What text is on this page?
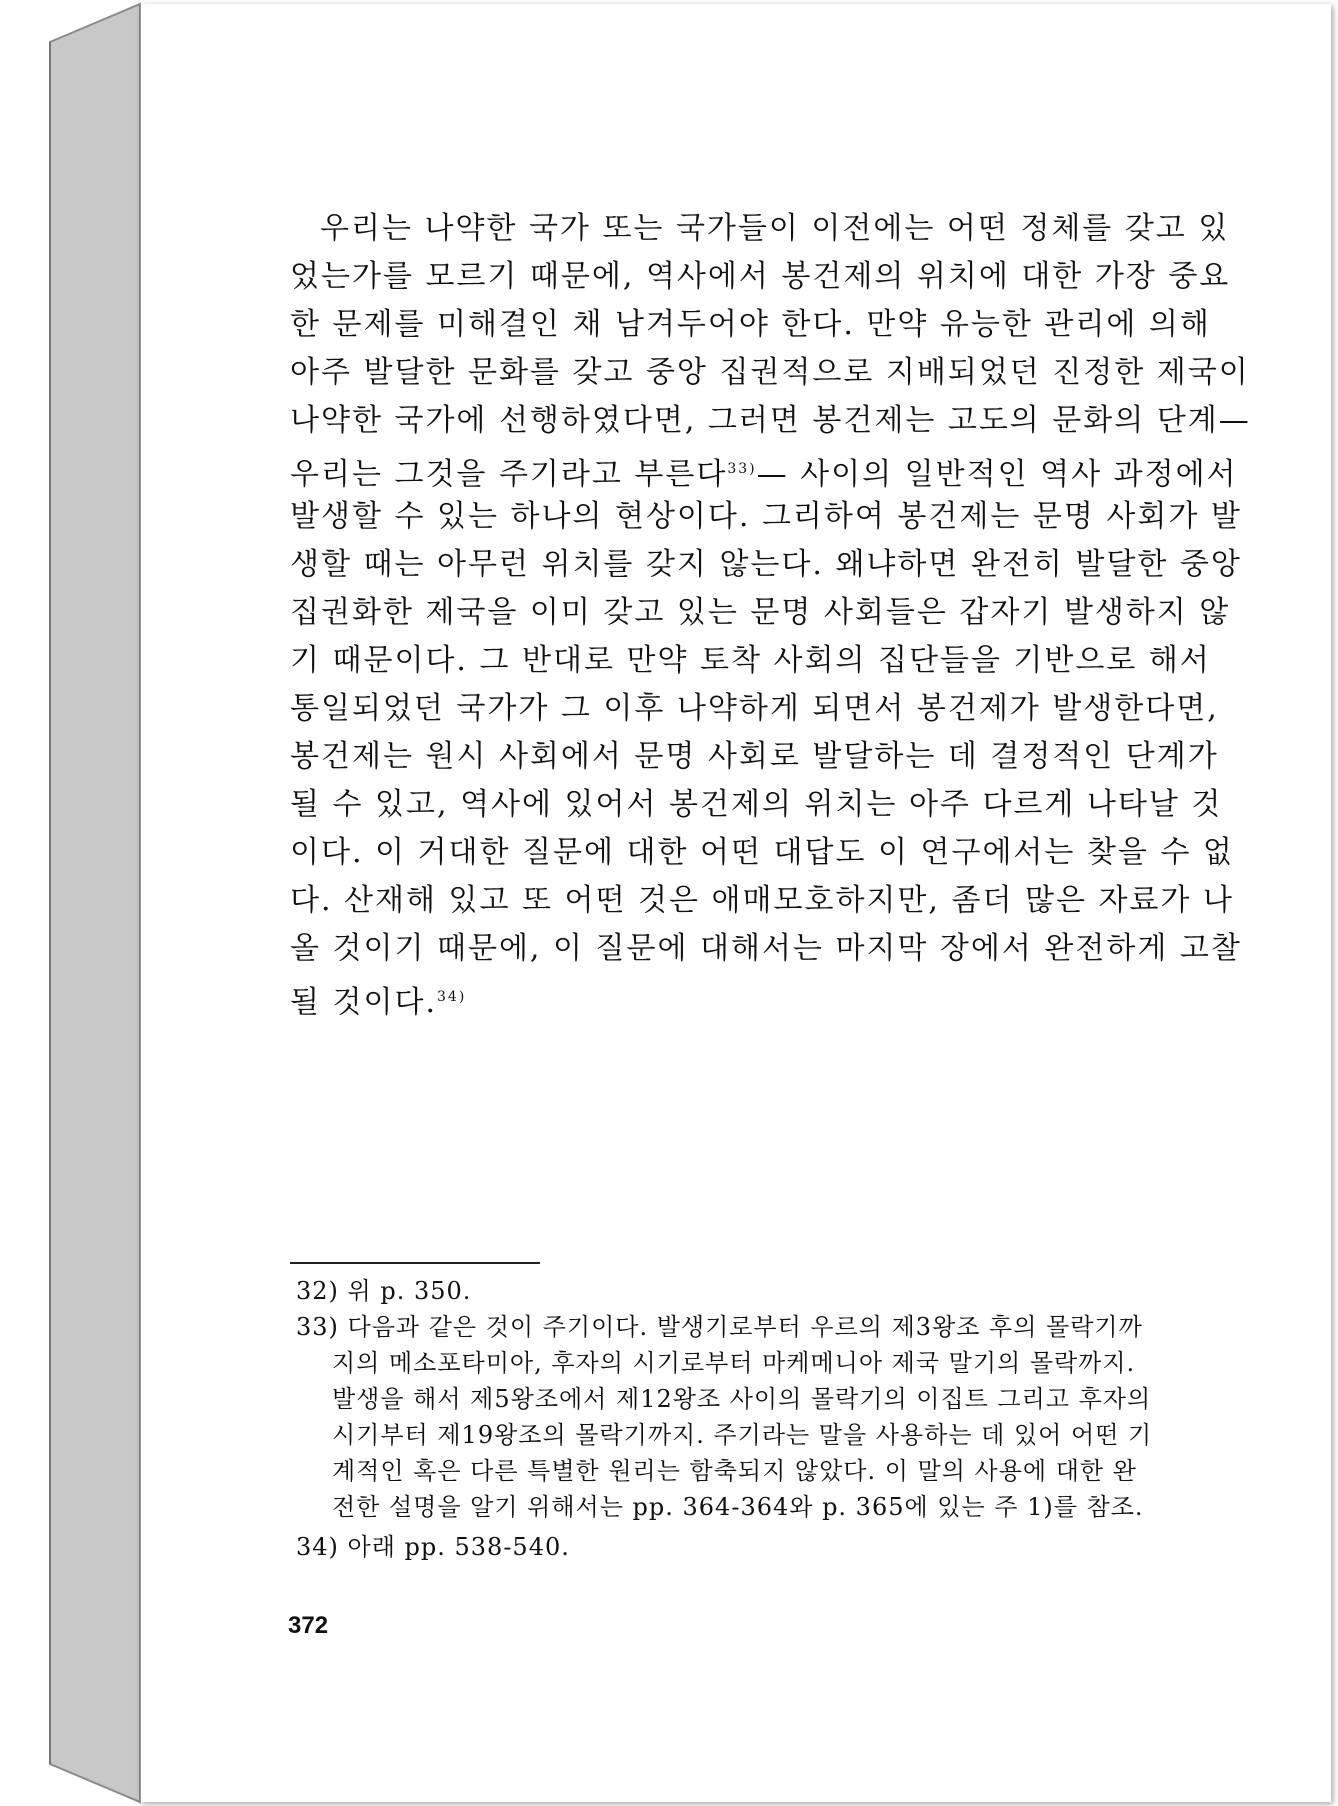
우리는 나약한 국가 또는 국가들이 이전에는 어떤 정체를 갖고 있
었는가를 모르기 때문에, 역사에서 봉건제의 위치에 대한 가장 중요
한 문제를 미해결인 채 남겨두어야 한다. 만약 유능한 관리에 의해
아주 발달한 문화를 갖고 중앙 집권적으로 지배되었던 진정한 제국이
나약한 국가에 선행하였다면, 그러면 봉건제는 고도의 문화의 단계—
우리는 그것을 주기라고 부른다$^{33)}$— 사이의 일반적인 역사 과정에서
발생할 수 있는 하나의 현상이다. 그리하여 봉건제는 문명 사회가 발
생할 때는 아무런 위치를 갖지 않는다. 왜냐하면 완전히 발달한 중앙
집권화한 제국을 이미 갖고 있는 문명 사회들은 갑자기 발생하지 않
기 때문이다. 그 반대로 만약 토착 사회의 집단들을 기반으로 해서
통일되었던 국가가 그 이후 나약하게 되면서 봉건제가 발생한다면,
봉건제는 원시 사회에서 문명 사회로 발달하는 데 결정적인 단계가
될 수 있고, 역사에 있어서 봉건제의 위치는 아주 다르게 나타날 것
이다. 이 거대한 질문에 대한 어떤 대답도 이 연구에서는 찾을 수 없
다. 산재해 있고 또 어떤 것은 애매모호하지만, 좀더 많은 자료가 나
올 것이기 때문에, 이 질문에 대해서는 마지막 장에서 완전하게 고찰
될 것이다.$^{34)}$
32) 위 p. 350.
33) 다음과 같은 것이 주기이다. 발생기로부터 우르의 제3왕조 후의 몰락기까
지의 메소포타미아, 후자의 시기로부터 마케메니아 제국 말기의 몰락까지.
발생을 해서 제5왕조에서 제12왕조 사이의 몰락기의 이집트 그리고 후자의
시기부터 제19왕조의 몰락기까지. 주기라는 말을 사용하는 데 있어 어떤 기
계적인 혹은 다른 특별한 원리는 함축되지 않았다. 이 말의 사용에 대한 완
전한 설명을 알기 위해서는 pp. 364-364와 p. 365에 있는 주 1)를 참조.
34) 아래 pp. 538-540.
372
